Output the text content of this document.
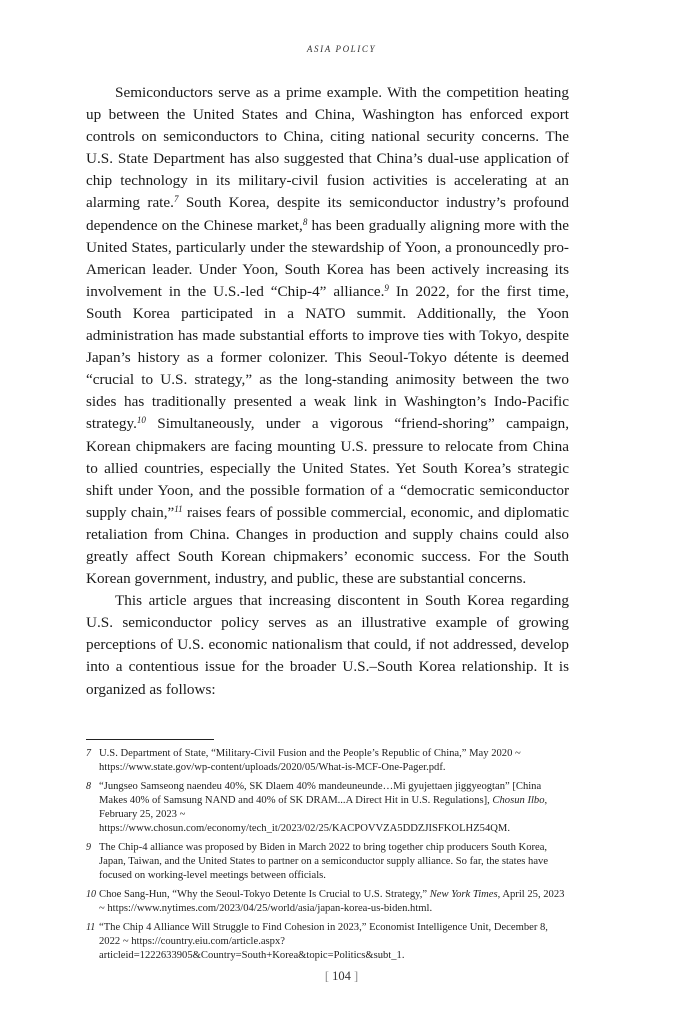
ASIA POLICY

Semiconductors serve as a prime example. With the competition heating up between the United States and China, Washington has enforced export controls on semiconductors to China, citing national security concerns. The U.S. State Department has also suggested that China’s dual-use application of chip technology in its military-civil fusion activities is accelerating at an alarming rate.$^7$ South Korea, despite its semiconductor industry’s profound dependence on the Chinese market,$^8$ has been gradually aligning more with the United States, particularly under the stewardship of Yoon, a pronouncedly pro-American leader. Under Yoon, South Korea has been actively increasing its involvement in the U.S.-led “Chip-4” alliance.$^9$ In 2022, for the first time, South Korea participated in a NATO summit. Additionally, the Yoon administration has made substantial efforts to improve ties with Tokyo, despite Japan’s history as a former colonizer. This Seoul-Tokyo détente is deemed “crucial to U.S. strategy,” as the long-standing animosity between the two sides has traditionally presented a weak link in Washington’s Indo-Pacific strategy.$^{10}$ Simultaneously, under a vigorous “friend-shoring” campaign, Korean chipmakers are facing mounting U.S. pressure to relocate from China to allied countries, especially the United States. Yet South Korea’s strategic shift under Yoon, and the possible formation of a “democratic semiconductor supply chain,”$^{11}$ raises fears of possible commercial, economic, and diplomatic retaliation from China. Changes in production and supply chains could also greatly affect South Korean chipmakers’ economic success. For the South Korean government, industry, and public, these are substantial concerns.

This article argues that increasing discontent in South Korea regarding U.S. semiconductor policy serves as an illustrative example of growing perceptions of U.S. economic nationalism that could, if not addressed, develop into a contentious issue for the broader U.S.–South Korea relationship. It is organized as follows:

7 U.S. Department of State, “Military-Civil Fusion and the People’s Republic of China,” May 2020 ~ https://www.state.gov/wp-content/uploads/2020/05/What-is-MCF-One-Pager.pdf.
8 “Jungseo Samseong naendeu 40%, SK Dlaem 40% mandeuneunde…Mi gyujettaen jiggyeogtan” [China Makes 40% of Samsung NAND and 40% of SK DRAM...A Direct Hit in U.S. Regulations], Chosun Ilbo, February 25, 2023 ~ https://www.chosun.com/economy/tech_it/2023/02/25/KACPOVVZA5DDZJISFKOLHZ54QM.
9 The Chip-4 alliance was proposed by Biden in March 2022 to bring together chip producers South Korea, Japan, Taiwan, and the United States to partner on a semiconductor supply alliance. So far, the states have focused on working-level meetings between officials.
10 Choe Sang-Hun, “Why the Seoul-Tokyo Detente Is Crucial to U.S. Strategy,” New York Times, April 25, 2023 ~ https://www.nytimes.com/2023/04/25/world/asia/japan-korea-us-biden.html.
11 “The Chip 4 Alliance Will Struggle to Find Cohesion in 2023,” Economist Intelligence Unit, December 8, 2022 ~ https://country.eiu.com/article.aspx?articleid=1222633905&Country=South+Korea&topic=Politics&subt_1.
[ 104 ]
